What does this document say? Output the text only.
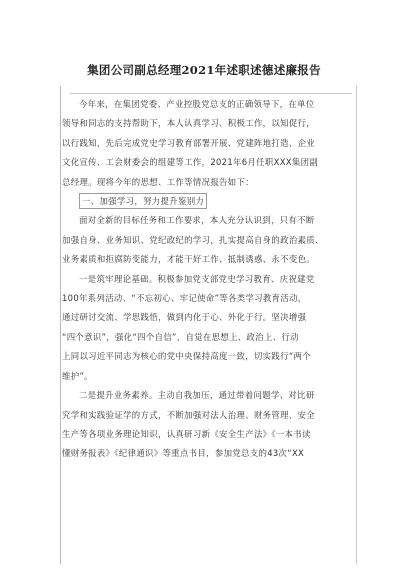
集团公司副总经理2021年述职述德述廉报告
今年来，在集团党委、产业控股党总支的正确领导下，在单位
领导和同志的支持帮助下，本人认真学习、积极工作，以知促行，
以行践知，先后完成党史学习教育部署开展、党建阵地打造、企业
文化宣传、工会财委会的组建等工作，2021年6月任职XXX集团副
总经理。现将今年的思想、工作等情况报告如下：
一、加强学习，努力提升鉴别力
面对全新的目标任务和工作要求，本人充分认识到，只有不断
加强自身、业务知识、党纪政纪的学习，扎实提高自身的政治素质、
业务素质和拒腐防变能力，才能干好工作、抵制诱惑、永不变色。
一是筑牢理论基础。积极参加党支部党史学习教育、庆祝建党
100年系列活动、“不忘初心、牢记使命”等各类学习教育活动，
通过研讨交流、学思践悟，做到内化于心、外化于行。坚决增强
“四个意识”，强化“四个自信”，自觉在思想上、政治上、行动
上同以习近平同志为核心的党中央保持高度一致，切实践行“两个
维护”。
二是提升业务素养。主动自我加压，通过带着问题学、对比研
究学和实践验证学的方式，不断加强对法人治理、财务管理、安全
生产等各项业务理论知识，认真研习新《安全生产法》《一本书读
懂财务报表》《纪律通识》等重点书目，参加党总支的43次“XX
